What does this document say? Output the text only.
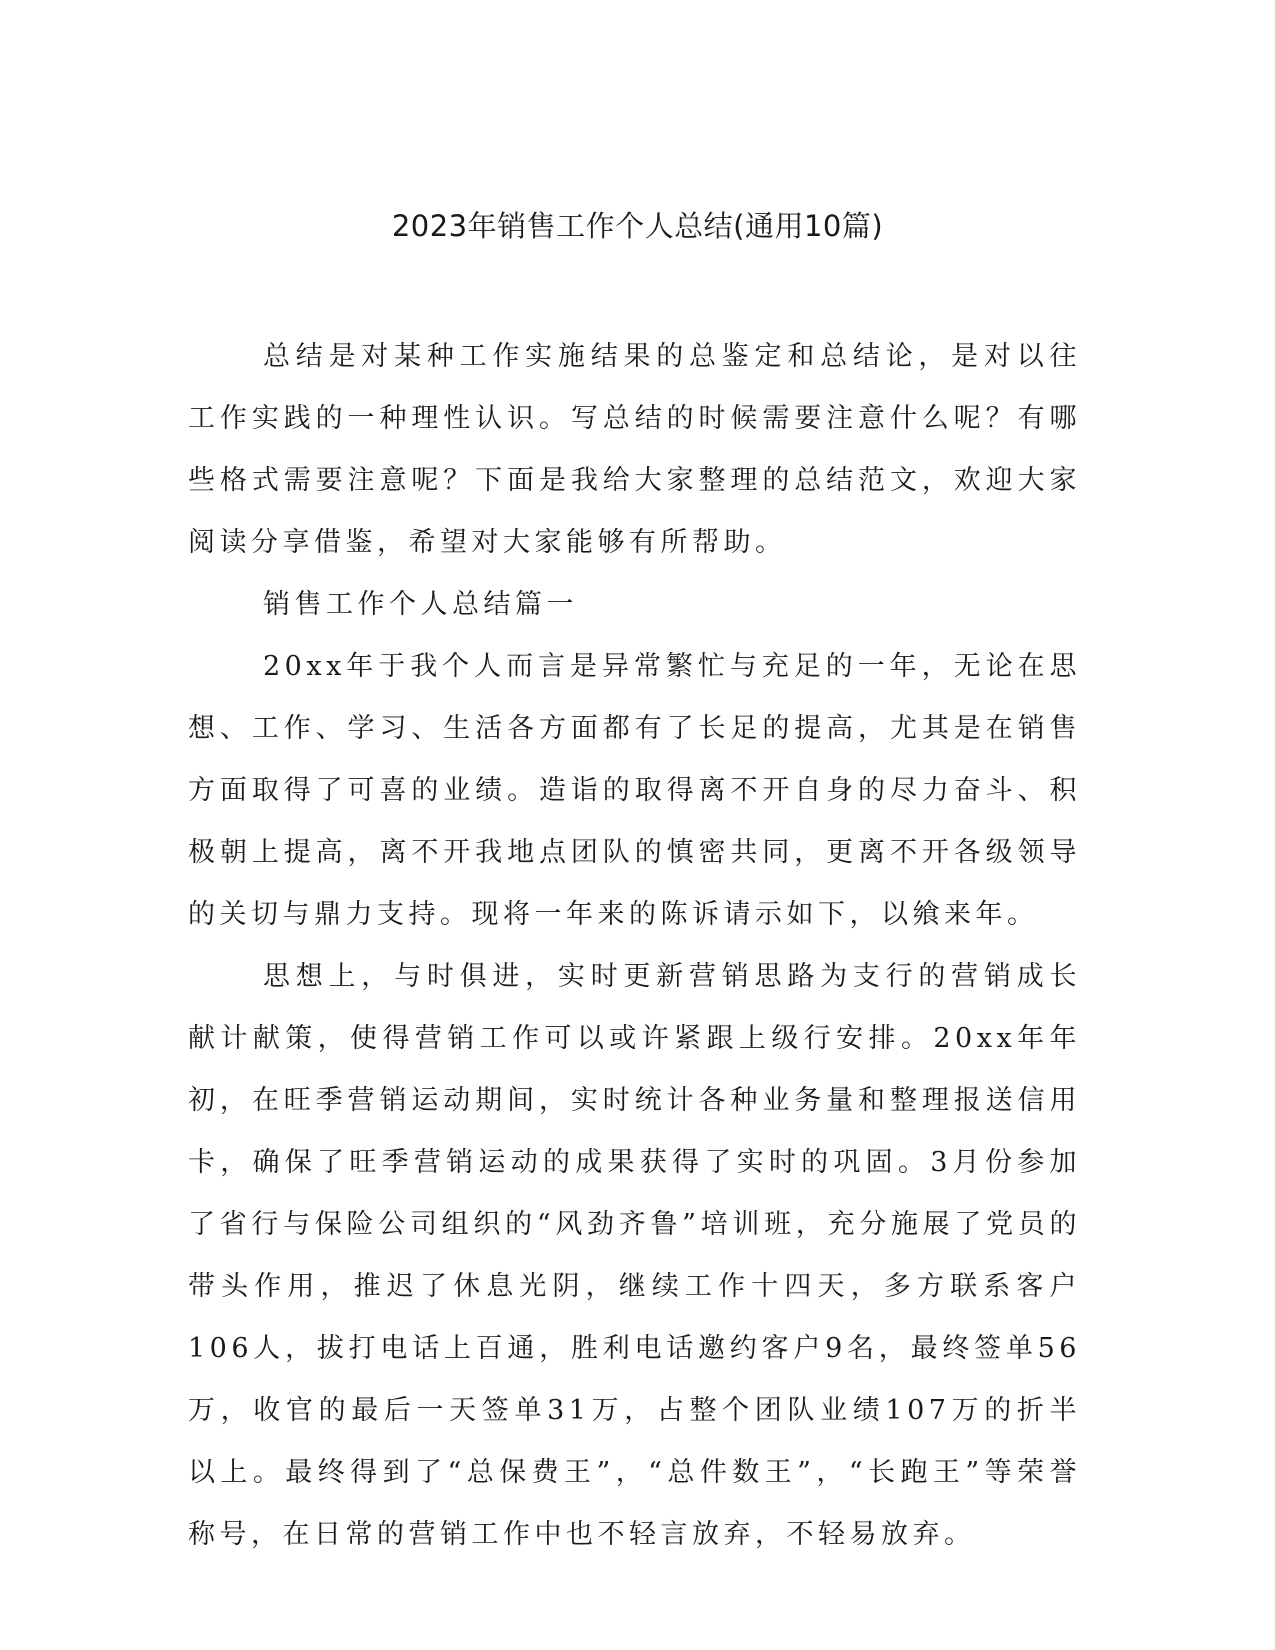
2023年销售工作个人总结(通用10篇)

总结是对某种工作实施结果的总鉴定和总结论，是对以往工作实践的一种理性认识。写总结的时候需要注意什么呢？有哪些格式需要注意呢？下面是我给大家整理的总结范文，欢迎大家阅读分享借鉴，希望对大家能够有所帮助。

销售工作个人总结篇一

20xx年于我个人而言是异常繁忙与充足的一年，无论在思想、工作、学习、生活各方面都有了长足的提高，尤其是在销售方面取得了可喜的业绩。造诣的取得离不开自身的尽力奋斗、积极朝上提高，离不开我地点团队的慎密共同，更离不开各级领导的关切与鼎力支持。现将一年来的陈诉请示如下，以飨来年。

思想上，与时俱进，实时更新营销思路为支行的营销成长献计献策，使得营销工作可以或许紧跟上级行安排。20xx年年初，在旺季营销运动期间，实时统计各种业务量和整理报送信用卡，确保了旺季营销运动的成果获得了实时的巩固。3月份参加了省行与保险公司组织的“风劲齐鲁”培训班，充分施展了党员的带头作用，推迟了休息光阴，继续工作十四天，多方联系客户106人，拔打电话上百通，胜利电话邀约客户9名，最终签单56万，收官的最后一天签单31万，占整个团队业绩107万的折半以上。最终得到了“总保费王”，“总件数王”，“长跑王”等荣誉称号，在日常的营销工作中也不轻言放弃，不轻易放弃。
